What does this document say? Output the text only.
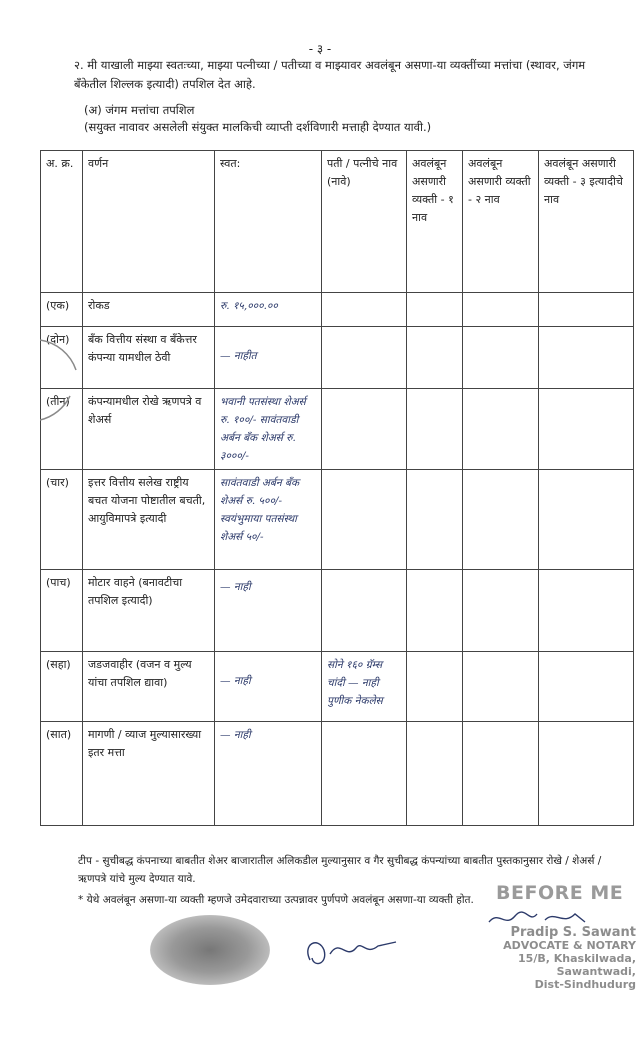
- ३ -
२. मी याखाली माझ्या स्वतःच्या, माझ्या पत्नीच्या / पतीच्या व माझ्यावर अवलंबून असणा-या व्यक्तींच्या मत्तांचा (स्थावर, जंगम बँकेतील शिल्लक इत्यादी) तपशिल देत आहे.
(अ) जंगम मत्तांचा तपशिल
(सयुक्त नावावर असलेली संयुक्त मालकिची व्याप्ती दर्शविणारी मत्ताही देण्यात यावी.)
अ. क्र.	वर्णन	स्वत:	पती / पत्नीचे नाव (नावे)	अवलंबून असणारी व्यक्ती - १ नाव	अवलंबून असणारी व्यक्ती - २ नाव	अवलंबून असणारी व्यक्ती - ३ इत्यादीचे नाव
(एक)	रोकड	रु. १५,०००.००				
(दोन)	बँक वित्तीय संस्था व बँकेत्तर कंपन्या यामधील ठेवी	— नाहीत				
(तीन)	कंपन्यामधील रोखे ऋणपत्रे व शेअर्स	भवानी पतसंस्था शेअर्स रु. १००/- सावंतवाडी अर्बन बँक शेअर्स रु. ३०००/-				
(चार)	इत्तर वित्तीय सलेख राष्ट्रीय बचत योजना पोष्टातील बचती, आयुविमापत्रे इत्यादी	सावंतवाडी अर्बन बँक शेअर्स रु. ५००/- स्वयंभुमाया पतसंस्था शेअर्स ५०/-				
(पाच)	मोटार वाहने (बनावटीचा तपशिल इत्यादी)	— नाही				
(सहा)	जडजवाहीर (वजन व मुल्य यांचा तपशिल द्यावा)	— नाही	सोने १६० ग्रॅम्स चांदी — नाही पुणीक नेकलेस			
(सात)	मागणी / व्याज मुल्यासारख्या इतर मत्ता	— नाही				
टीप - सुचीबद्ध कंपनाच्या बाबतीत शेअर बाजारातील अलिकडील मुल्यानुसार व गैर सुचीबद्ध कंपन्यांच्या बाबतीत पुस्तकानुसार रोखे / शेअर्स / ऋणपत्रे यांचे मुल्य देण्यात यावे.
* येथे अवलंबून असणा-या व्यक्ती म्हणजे उमेदवाराच्या उत्पन्नावर पुर्णपणे अवलंबून असणा-या व्यक्ती होत.	BEFORE ME
Pradip S. Sawant
ADVOCATE & NOTARY
15/B, Khaskilwada, Sawantwadi,
Dist-Sindhudurg
